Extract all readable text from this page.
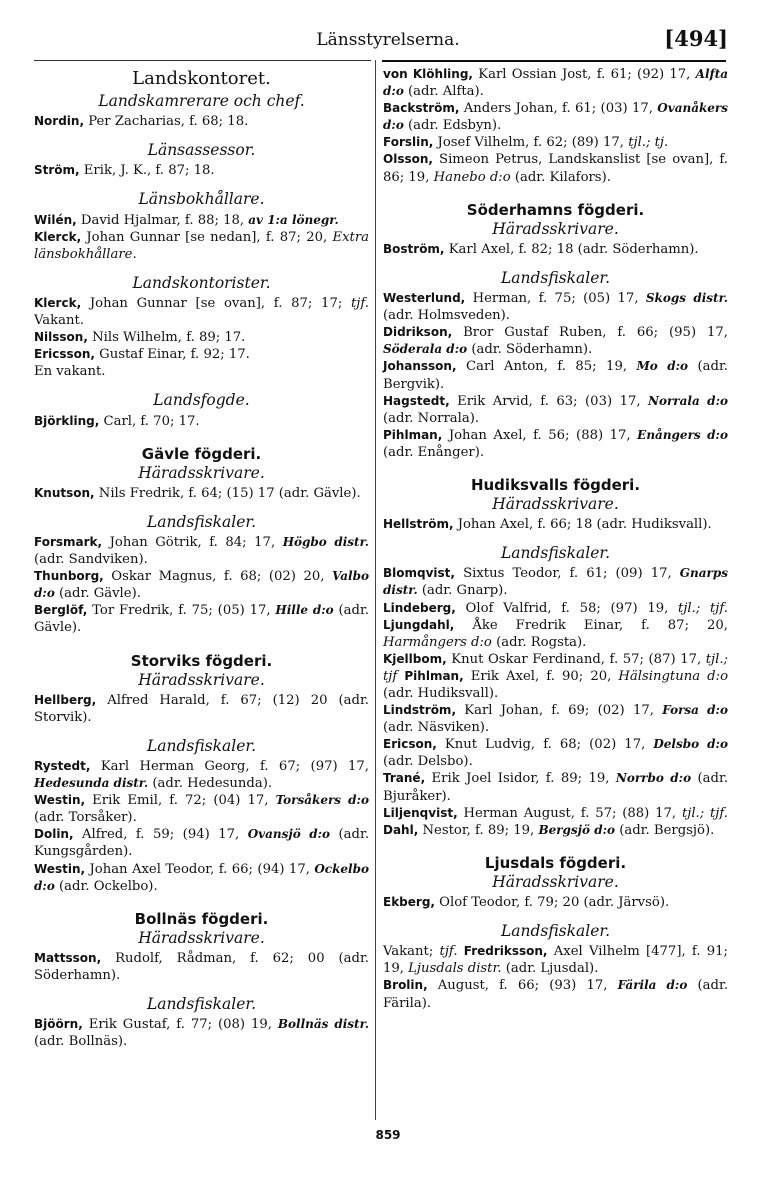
Länsstyrelserna.	[494]
Landskontoret.
Landskamrerare och chef.
Nordin, Per Zacharias, f. 68; 18.
Länsassessor.
Ström, Erik, J. K., f. 87; 18.
Länsbokhållare.
Wilén, David Hjalmar, f. 88; 18, av 1:a lönegr.
Klerck, Johan Gunnar [se nedan], f. 87; 20, Extra länsbokhållare.
Landskontorister.
Klerck, Johan Gunnar [se ovan], f. 87; 17; tjf. Vakant.
Nilsson, Nils Wilhelm, f. 89; 17.
Ericsson, Gustaf Einar, f. 92; 17.
En vakant.
Landsfogde.
Björkling, Carl, f. 70; 17.
Gävle fögderi.
Häradsskrivare.
Knutson, Nils Fredrik, f. 64; (15) 17 (adr. Gävle).
Landsfiskaler.
Forsmark, Johan Götrik, f. 84; 17, Högbo distr. (adr. Sandviken).
Thunborg, Oskar Magnus, f. 68; (02) 20, Valbo d:o (adr. Gävle).
Berglöf, Tor Fredrik, f. 75; (05) 17, Hille d:o (adr. Gävle).
Storviks fögderi.
Häradsskrivare.
Hellberg, Alfred Harald, f. 67; (12) 20 (adr. Storvik).
Landsfiskaler.
Rystedt, Karl Herman Georg, f. 67; (97) 17, Hedesunda distr. (adr. Hedesunda).
Westin, Erik Emil, f. 72; (04) 17, Torsåkers d:o (adr. Torsåker).
Dolin, Alfred, f. 59; (94) 17, Ovansjö d:o (adr. Kungsgården).
Westin, Johan Axel Teodor, f. 66; (94) 17, Ockelbo d:o (adr. Ockelbo).
Bollnäs fögderi.
Häradsskrivare.
Mattsson, Rudolf, Rådman, f. 62; 00 (adr. Söderhamn).
Landsfiskaler.
Bjöörn, Erik Gustaf, f. 77; (08) 19, Bollnäs distr. (adr. Bollnäs).
von Klöhling, Karl Ossian Jost, f. 61; (92) 17, Alfta d:o (adr. Alfta).
Backström, Anders Johan, f. 61; (03) 17, Ovanåkers d:o (adr. Edsbyn).
Forslin, Josef Vilhelm, f. 62; (89) 17, tjl.; tj.
Olsson, Simeon Petrus, Landskanslist [se ovan], f. 86; 19, Hanebo d:o (adr. Kilafors).
Söderhamns fögderi.
Häradsskrivare.
Boström, Karl Axel, f. 82; 18 (adr. Söderhamn).
Landsfiskaler.
Westerlund, Herman, f. 75; (05) 17, Skogs distr. (adr. Holmsveden).
Didrikson, Bror Gustaf Ruben, f. 66; (95) 17, Söderala d:o (adr. Söderhamn).
Johansson, Carl Anton, f. 85; 19, Mo d:o (adr. Bergvik).
Hagstedt, Erik Arvid, f. 63; (03) 17, Norrala d:o (adr. Norrala).
Pihlman, Johan Axel, f. 56; (88) 17, Enångers d:o (adr. Enånger).
Hudiksvalls fögderi.
Häradsskrivare.
Hellström, Johan Axel, f. 66; 18 (adr. Hudiksvall).
Landsfiskaler.
Blomqvist, Sixtus Teodor, f. 61; (09) 17, Gnarps distr. (adr. Gnarp).
Lindeberg, Olof Valfrid, f. 58; (97) 19, tjl.; tjf. Ljungdahl, Åke Fredrik Einar, f. 87; 20, Harmångers d:o (adr. Rogsta).
Kjellbom, Knut Oskar Ferdinand, f. 57; (87) 17, tjl.; tjf Pihlman, Erik Axel, f. 90; 20, Hälsingtuna d:o (adr. Hudiksvall).
Lindström, Karl Johan, f. 69; (02) 17, Forsa d:o (adr. Näsviken).
Ericson, Knut Ludvig, f. 68; (02) 17, Delsbo d:o (adr. Delsbo).
Trané, Erik Joel Isidor, f. 89; 19, Norrbo d:o (adr. Bjuråker).
Liljenqvist, Herman August, f. 57; (88) 17, tjl.; tjf. Dahl, Nestor, f. 89; 19, Bergsjö d:o (adr. Bergsjö).
Ljusdals fögderi.
Häradsskrivare.
Ekberg, Olof Teodor, f. 79; 20 (adr. Järvsö).
Landsfiskaler.
Vakant; tjf. Fredriksson, Axel Vilhelm [477], f. 91; 19, Ljusdals distr. (adr. Ljusdal).
Brolin, August, f. 66; (93) 17, Färila d:o (adr. Färila).
859
